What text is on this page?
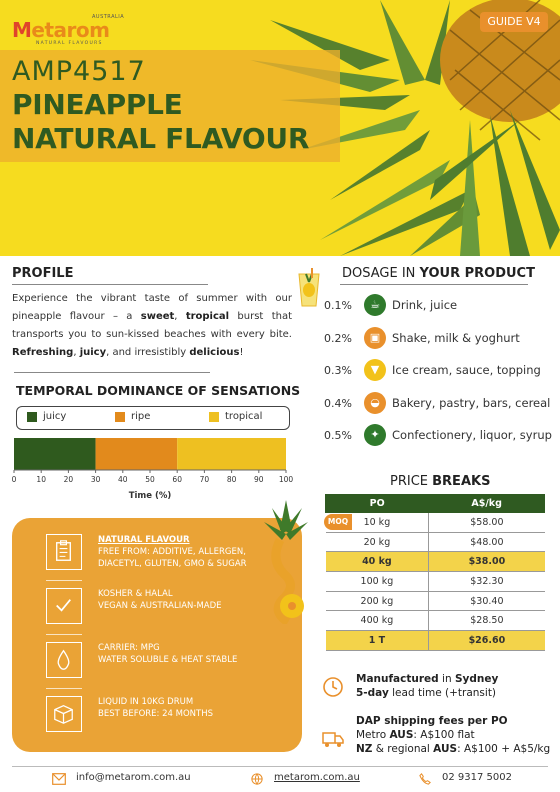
Metarom
AUSTRALIA
NATURAL FLAVOURS
GUIDE V4
AMP4517
PINEAPPLE
NATURAL FLAVOUR
PROFILE
Experience the vibrant taste of summer with our pineapple flavour – a sweet, tropical burst that transports you to sun-kissed beaches with every bite. Refreshing, juicy, and irresistibly delicious!
TEMPORAL DOMINANCE OF SENSATIONS
juicy	ripe	tropical
0	10 20 30 40 50 60 70 80 90 100
Time (%)
DOSAGE IN YOUR PRODUCT
0.1%	☕	Drink, juice
0.2%	▣	Shake, milk & yoghurt
0.3%	▼	Ice cream, sauce, topping
0.4%	◒	Bakery, pastry, bars, cereal
0.5%	✦	Confectionery, liquor, syrup
PRICE BREAKS
PO	A$/kg
10 kg	$58.00
20 kg	$48.00
40 kg	$38.00
100 kg	$32.30
200 kg	$30.40
400 kg	$28.50
1 T	$26.60
MOQ
NATURAL FLAVOUR
FREE FROM: ADDITIVE, ALLERGEN,
DIACETYL, GLUTEN, GMO & SUGAR
KOSHER & HALAL
VEGAN & AUSTRALIAN-MADE
CARRIER: MPG
WATER SOLUBLE & HEAT STABLE
LIQUID IN 10KG DRUM
BEST BEFORE: 24 MONTHS
Manufactured in Sydney
5-day lead time (+transit)
DAP shipping fees per PO
Metro AUS: A$100 flat
NZ & regional AUS: A$100 + A$5/kg
info@metarom.com.au	metarom.com.au	02 9317 5002
